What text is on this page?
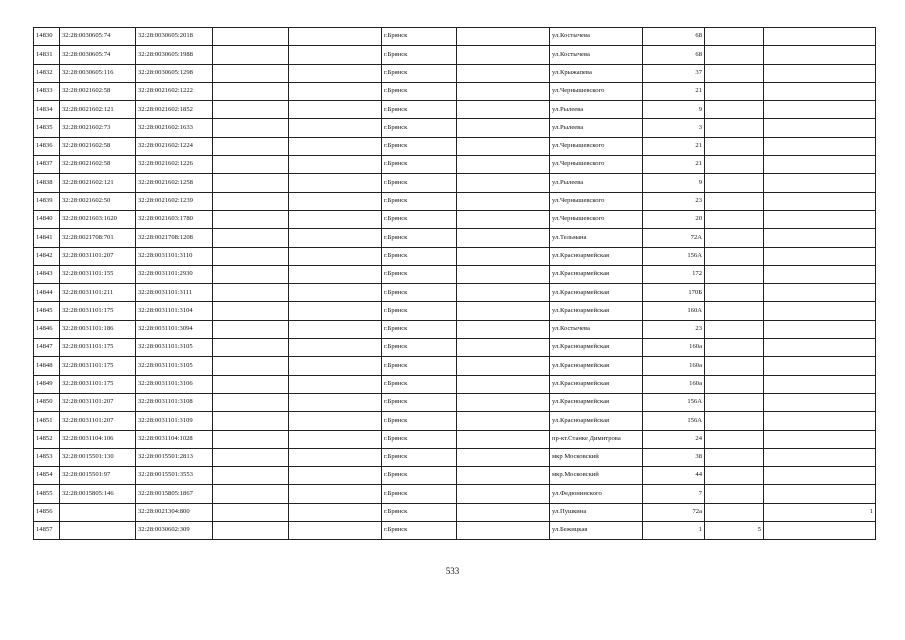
14830	32:28:0030605:74	32:28:0030605:2018			г.Брянск		ул.Костычева	68		
14831	32:28:0030605:74	32:28:0030605:1988			г.Брянск		ул.Костычева	68		
14832	32:28:0030605:116	32:28:0030605:1298			г.Брянск		ул.Крыжапева	37		
14833	32:28:0021602:58	32:28:0021602:1222			г.Брянск		ул.Чернышевского	21		
14834	32:28:0021602:121	32:28:0021602:1852			г.Брянск		ул.Рылеева	9		
14835	32:28:0021602:73	32:28:0021602:1633			г.Брянск		ул.Рылеева	3		
14836	32:28:0021602:58	32:28:0021602:1224			г.Брянск		ул.Чернышевского	21		
14837	32:28:0021602:58	32:28:0021602:1226			г.Брянск		ул.Чернышевского	21		
14838	32:28:0021602:121	32:28:0021602:1258			г.Брянск		ул.Рылеева	9		
14839	32:28:0021602:50	32:28:0021602:1239			г.Брянск		ул.Чернышевского	23		
14840	32:28:0021603:1620	32:28:0021603:1780			г.Брянск		ул.Чернышевского	20		
14841	32:28:0021708:701	32:28:0021708:1208			г.Брянск		ул.Тельмана	72А		
14842	32:28:0031101:207	32:28:0031101:3110			г.Брянск		ул.Красноармейская	156А		
14843	32:28:0031101:155	32:28:0031101:2930			г.Брянск		ул.Красноармейская	172		
14844	32:28:0031101:211	32:28:0031101:3111			г.Брянск		ул.Красноармейская	170Б		
14845	32:28:0031101:175	32:28:0031101:3104			г.Брянск		ул.Красноармейская	160А		
14846	32:28:0031101:186	32:28:0031101:3094			г.Брянск		ул.Костычева	23		
14847	32:28:0031101:175	32:28:0031101:3105			г.Брянск		ул.Красноармейская	160а		
14848	32:28:0031101:175	32:28:0031101:3105			г.Брянск		ул.Красноармейская	160а		
14849	32:28:0031101:175	32:28:0031101:3106			г.Брянск		ул.Красноармейская	160а		
14850	32:28:0031101:207	32:28:0031101:3108			г.Брянск		ул.Красноармейская	156А		
14851	32:28:0031101:207	32:28:0031101:3109			г.Брянск		ул.Красноармейская	156А		
14852	32:28:0031104:106	32:28:0031104:1028			г.Брянск		пр-кт.Станке Димитрова	24		
14853	32:28:0015501:130	32:28:0015501:2813			г.Брянск		мкр Московский	38		
14854	32:28:0015501:97	32:28:0015501:3553			г.Брянск		мкр.Московский	44		
14855	32:28:0015805:146	32:28:0015805:1867			г.Брянск		ул.Федюнинского	7		
14856		32:28:0021304:800			г.Брянск		ул.Пушкина	72а		1
14857		32:28:0030602:309			г.Брянск		ул.Бежицкая	1	5	
533
